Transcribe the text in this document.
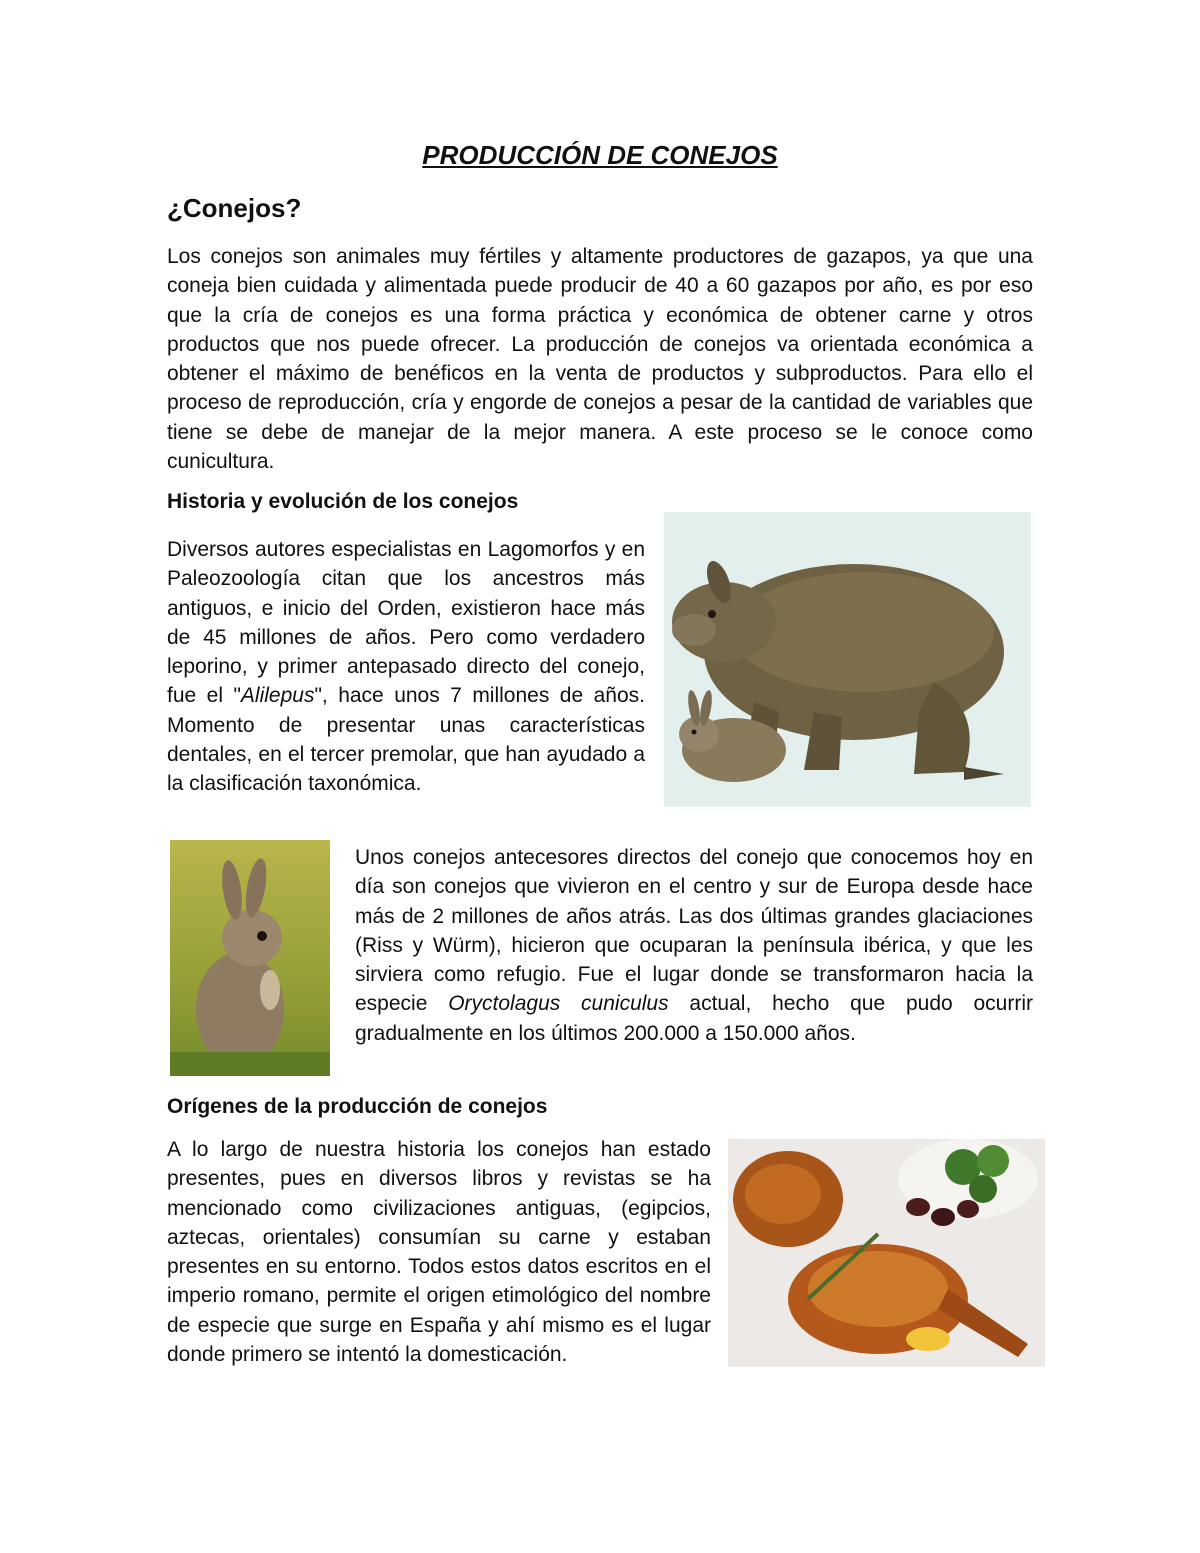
PRODUCCIÓN DE CONEJOS
¿Conejos?

Los conejos son animales muy fértiles y altamente productores de gazapos, ya que una coneja bien cuidada y alimentada puede producir de 40 a 60 gazapos por año, es por eso que la cría de conejos es una forma práctica y económica de obtener carne y otros productos que nos puede ofrecer. La producción de conejos va orientada económica a obtener el máximo de benéficos en la venta de productos y subproductos. Para ello el proceso de reproducción, cría y engorde de conejos a pesar de la cantidad de variables que tiene se debe de manejar de la mejor manera. A este proceso se le conoce como cunicultura.

Historia y evolución de los conejos

Diversos autores especialistas en Lagomorfos y en Paleozoología citan que los ancestros más antiguos, e inicio del Orden, existieron hace más de 45 millones de años. Pero como verdadero leporino, y primer antepasado directo del conejo, fue el "Alilepus", hace unos 7 millones de años. Momento de presentar unas características dentales, en el tercer premolar, que han ayudado a la clasificación taxonómica.

Unos conejos antecesores directos del conejo que conocemos hoy en día son conejos que vivieron en el centro y sur de Europa desde hace más de 2 millones de años atrás. Las dos últimas grandes glaciaciones (Riss y Würm), hicieron que ocuparan la península ibérica, y que les sirviera como refugio. Fue el lugar donde se transformaron hacia la especie Oryctolagus cuniculus actual, hecho que pudo ocurrir gradualmente en los últimos 200.000 a 150.000 años.

Orígenes de la producción de conejos

A lo largo de nuestra historia los conejos han estado presentes, pues en diversos libros y revistas se ha mencionado como civilizaciones antiguas, (egipcios, aztecas, orientales) consumían su carne y estaban presentes en su entorno. Todos estos datos escritos en el imperio romano, permite el origen etimológico del nombre de especie que surge en España y ahí mismo es el lugar donde primero se intentó la domesticación.
